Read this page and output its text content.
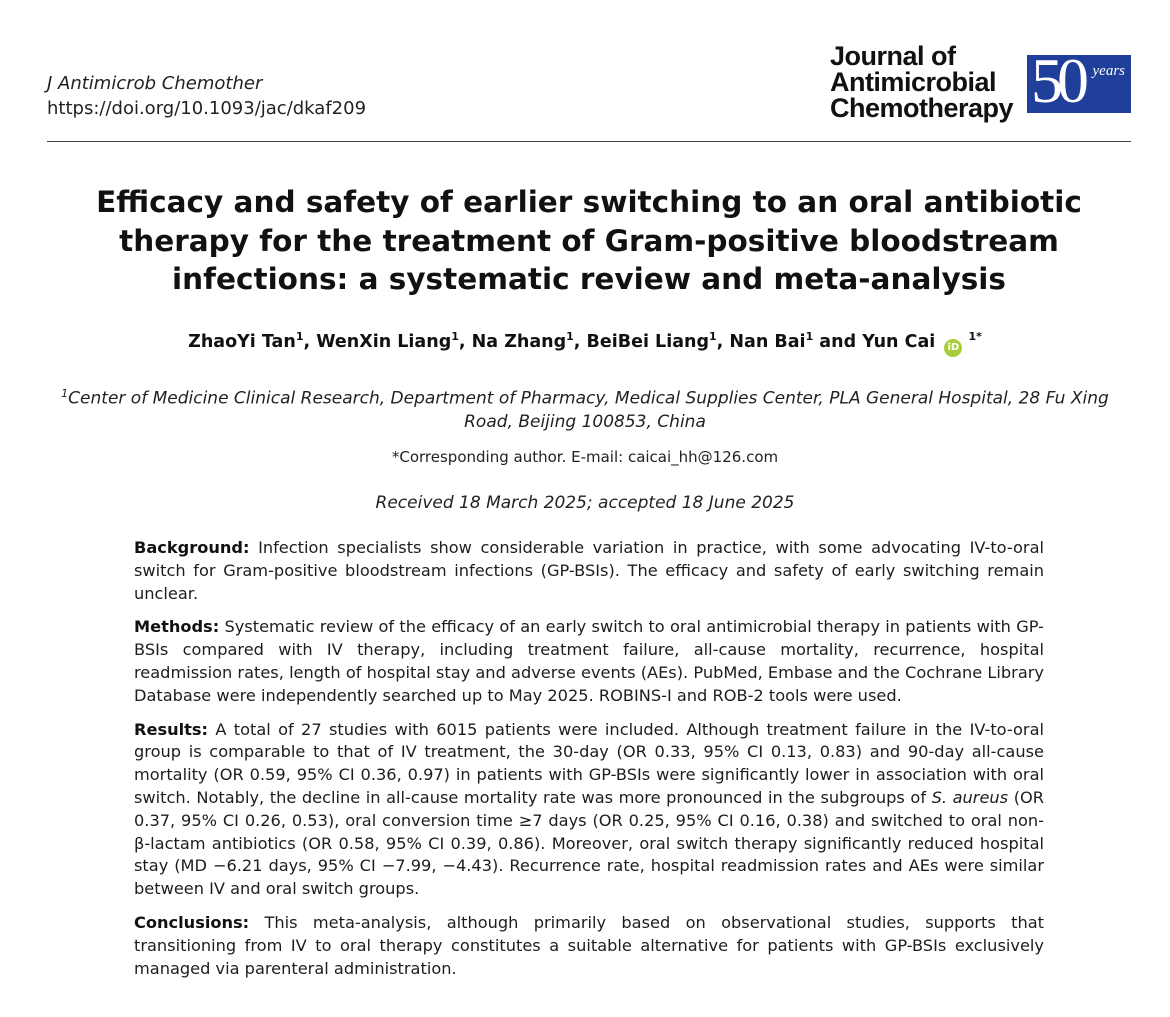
J Antimicrob Chemother
https://doi.org/10.1093/jac/dkaf209
Journal of
Antimicrobial
Chemotherapy 50 years
Efficacy and safety of earlier switching to an oral antibiotic therapy for the treatment of Gram-positive bloodstream infections: a systematic review and meta-analysis
ZhaoYi Tan$^1$, WenXin Liang$^1$, Na Zhang$^1$, BeiBei Liang$^1$, Nan Bai$^1$ and Yun Cai iD $^{1*}$
$^1$Center of Medicine Clinical Research, Department of Pharmacy, Medical Supplies Center, PLA General Hospital, 28 Fu Xing Road, Beijing 100853, China
*Corresponding author. E-mail: caicai_hh@126.com
Received 18 March 2025; accepted 18 June 2025

Background: Infection specialists show considerable variation in practice, with some advocating IV-to-oral switch for Gram-positive bloodstream infections (GP-BSIs). The efficacy and safety of early switching remain unclear.

Methods: Systematic review of the efficacy of an early switch to oral antimicrobial therapy in patients with GP-BSIs compared with IV therapy, including treatment failure, all-cause mortality, recurrence, hospital readmission rates, length of hospital stay and adverse events (AEs). PubMed, Embase and the Cochrane Library Database were independently searched up to May 2025. ROBINS-I and ROB-2 tools were used.

Results: A total of 27 studies with 6015 patients were included. Although treatment failure in the IV-to-oral group is comparable to that of IV treatment, the 30-day (OR 0.33, 95% CI 0.13, 0.83) and 90-day all-cause mortality (OR 0.59, 95% CI 0.36, 0.97) in patients with GP-BSIs were significantly lower in association with oral switch. Notably, the decline in all-cause mortality rate was more pronounced in the subgroups of S. aureus (OR 0.37, 95% CI 0.26, 0.53), oral conversion time ≥7 days (OR 0.25, 95% CI 0.16, 0.38) and switched to oral non-β-lactam antibiotics (OR 0.58, 95% CI 0.39, 0.86). Moreover, oral switch therapy significantly reduced hospital stay (MD −6.21 days, 95% CI −7.99, −4.43). Recurrence rate, hospital readmission rates and AEs were similar between IV and oral switch groups.

Conclusions: This meta-analysis, although primarily based on observational studies, supports that transitioning from IV to oral therapy constitutes a suitable alternative for patients with GP-BSIs exclusively managed via parenteral administration.
